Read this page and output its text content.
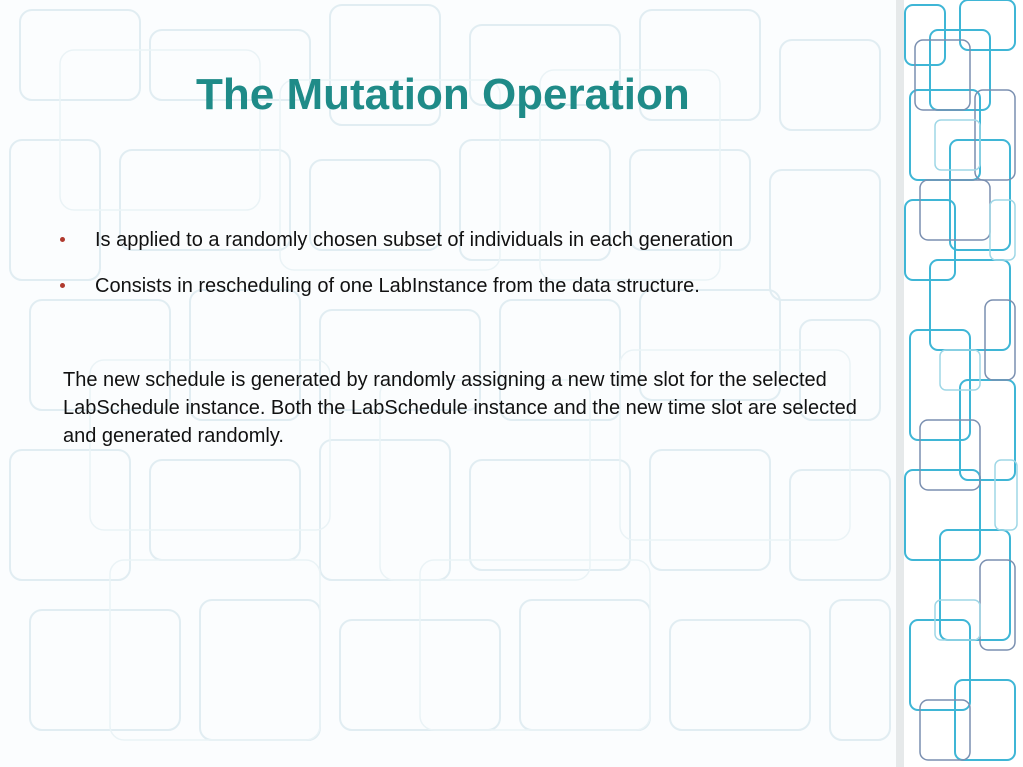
The Mutation Operation
Is applied to a randomly chosen subset of individuals in each generation
Consists in rescheduling of one LabInstance from the data structure.

The new schedule is generated by randomly assigning a new time slot for the selected LabSchedule instance. Both the LabSchedule instance and the new time slot are selected and generated randomly.
